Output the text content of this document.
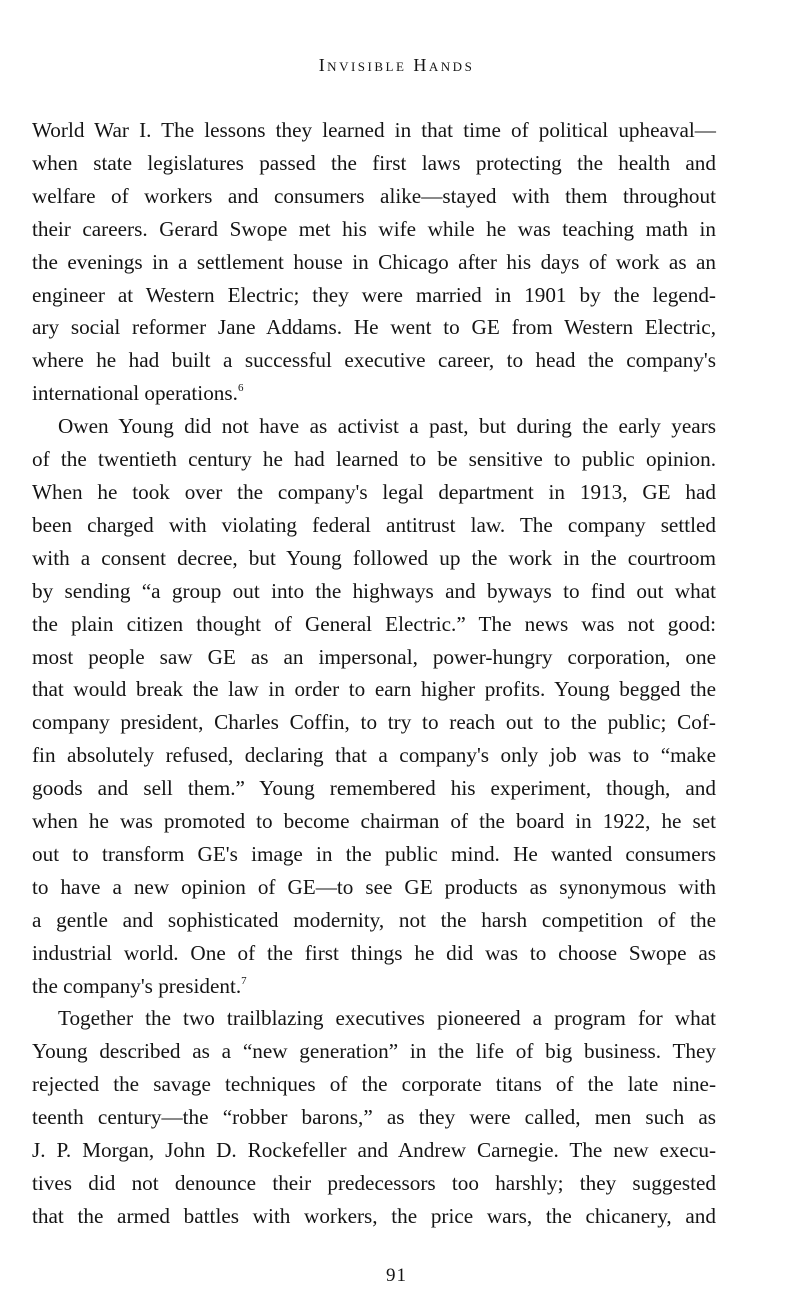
Invisible Hands
World War I. The lessons they learned in that time of political upheaval—
when state legislatures passed the first laws protecting the health and
welfare of workers and consumers alike—stayed with them throughout
their careers. Gerard Swope met his wife while he was teaching math in
the evenings in a settlement house in Chicago after his days of work as an
engineer at Western Electric; they were married in 1901 by the legend-
ary social reformer Jane Addams. He went to GE from Western Electric,
where he had built a successful executive career, to head the company's
international operations.$^6$
Owen Young did not have as activist a past, but during the early years
of the twentieth century he had learned to be sensitive to public opinion.
When he took over the company's legal department in 1913, GE had
been charged with violating federal antitrust law. The company settled
with a consent decree, but Young followed up the work in the courtroom
by sending “a group out into the highways and byways to find out what
the plain citizen thought of General Electric.” The news was not good:
most people saw GE as an impersonal, power-hungry corporation, one
that would break the law in order to earn higher profits. Young begged the
company president, Charles Coffin, to try to reach out to the public; Cof-
fin absolutely refused, declaring that a company's only job was to “make
goods and sell them.” Young remembered his experiment, though, and
when he was promoted to become chairman of the board in 1922, he set
out to transform GE's image in the public mind. He wanted consumers
to have a new opinion of GE—to see GE products as synonymous with
a gentle and sophisticated modernity, not the harsh competition of the
industrial world. One of the first things he did was to choose Swope as
the company's president.$^7$
Together the two trailblazing executives pioneered a program for what
Young described as a “new generation” in the life of big business. They
rejected the savage techniques of the corporate titans of the late nine-
teenth century—the “robber barons,” as they were called, men such as
J. P. Morgan, John D. Rockefeller and Andrew Carnegie. The new execu-
tives did not denounce their predecessors too harshly; they suggested
that the armed battles with workers, the price wars, the chicanery, and
91
